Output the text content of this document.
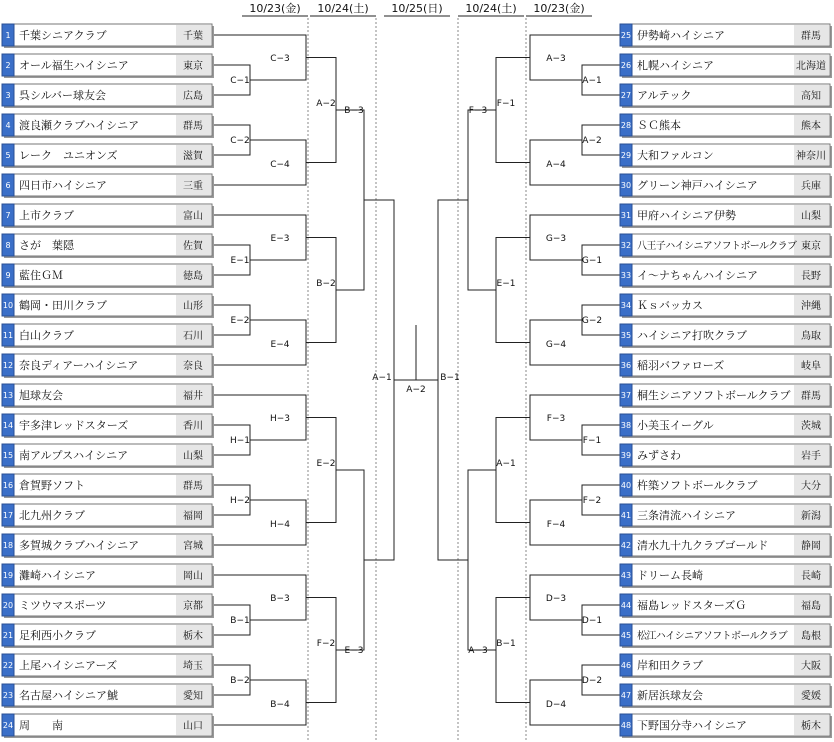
10/23(金) 10/24(土) 10/25(日) 10/24(土) 10/23(金)
C−1
C−3
C−2
C−4
E−1
E−3
E−2
E−4
H−1
H−3
H−2
H−4
B−1
B−3
B−2
B−4
A−2
B−2
E−2
F−2
B−3
E−3
A−1
A−1
A−3
A−2
A−4
G−1
G−3
G−2
G−4
F−1
F−3
F−2
F−4
D−1
D−3
D−2
D−4
F−1
E−1
A−1
B−1
F−3
A−3
B−1
A−2
1 千葉シニアクラブ	千葉
2 オール福生ハイシニア	東京
3 呉シルバー球友会	広島
4 渡良瀬クラブハイシニア	群馬
5 レーク　ユニオンズ	滋賀
6 四日市ハイシニア	三重
7 上市クラブ	富山
8 さが　葉隠	佐賀
9 藍住ＧＭ	徳島
10 鶴岡・田川クラブ	山形
11 白山クラブ	石川
12 奈良ディアーハイシニア	奈良
13 旭球友会	福井
14 宇多津レッドスターズ	香川
15 南アルプスハイシニア	山梨
16 倉賀野ソフト	群馬
17 北九州クラブ	福岡
18 多賀城クラブハイシニア	宮城
19 灘崎ハイシニア	岡山
20 ミツウマスポーツ	京都
21 足利西小クラブ	栃木
22 上尾ハイシニアーズ	埼玉
23 名古屋ハイシニア鯱	愛知
24 周　　南	山口
25 伊勢崎ハイシニア	群馬
26 札幌ハイシニア	北海道
27 アルテック	高知
28 ＳＣ熊本	熊本
29 大和ファルコン	神奈川
30 グリーン神戸ハイシニア	兵庫
31 甲府ハイシニア伊勢	山梨
32 八王子ハイシニアソフトボールクラブ 東京
33 イ～ナちゃんハイシニア	長野
34 Ｋｓバッカス	沖縄
35 ハイシニア打吹クラブ	鳥取
36 稲羽バファローズ	岐阜
37 桐生シニアソフトボールクラブ 群馬
38 小美玉イーグル	茨城
39 みずさわ	岩手
40 杵築ソフトボールクラブ	大分
41 三条清流ハイシニア	新潟
42 清水九十九クラブゴールド	静岡
43 ドリーム長崎	長崎
44 福島レッドスターズＧ	福島
45 松江ハイシニアソフトボールクラブ 島根
46 岸和田クラブ	大阪
47 新居浜球友会	愛媛
48 下野国分寺ハイシニア	栃木
